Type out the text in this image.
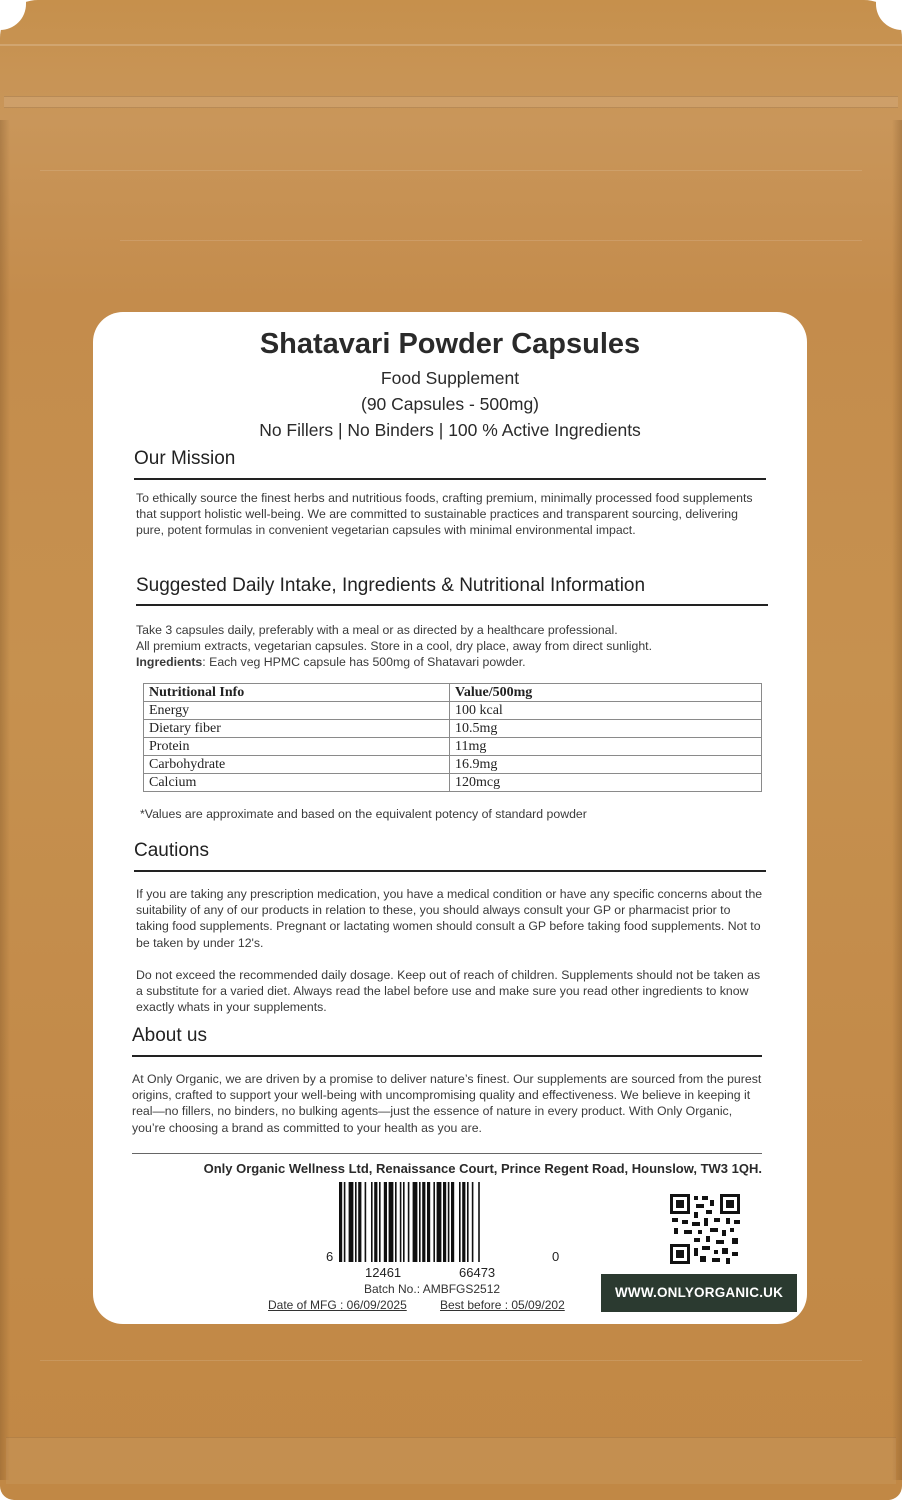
Shatavari Powder Capsules
Food Supplement
(90 Capsules - 500mg)
No Fillers | No Binders | 100 % Active Ingredients
Our Mission
To ethically source the finest herbs and nutritious foods, crafting premium, minimally processed food supplements that support holistic well-being. We are committed to sustainable practices and transparent sourcing, delivering pure, potent formulas in convenient vegetarian capsules with minimal environmental impact.
Suggested Daily Intake, Ingredients & Nutritional Information
Take 3 capsules daily, preferably with a meal or as directed by a healthcare professional.
All premium extracts, vegetarian capsules. Store in a cool, dry place, away from direct sunlight.
Ingredients: Each veg HPMC capsule has 500mg of Shatavari powder.
Nutritional Info	Value/500mg
Energy	100 kcal
Dietary fiber	10.5mg
Protein	11mg
Carbohydrate	16.9mg
Calcium	120mcg
*Values are approximate and based on the equivalent potency of standard powder
Cautions
If you are taking any prescription medication, you have a medical condition or have any specific concerns about the suitability of any of our products in relation to these, you should always consult your GP or pharmacist prior to taking food supplements. Pregnant or lactating women should consult a GP before taking food supplements. Not to be taken by under 12's.
Do not exceed the recommended daily dosage. Keep out of reach of children. Supplements should not be taken as a substitute for a varied diet. Always read the label before use and make sure you read other ingredients to know exactly whats in your supplements.
About us
At Only Organic, we are driven by a promise to deliver nature’s finest. Our supplements are sourced from the purest origins, crafted to support your well-being with uncompromising quality and effectiveness. We believe in keeping it real—no fillers, no binders, no bulking agents—just the essence of nature in every product. With Only Organic, you’re choosing a brand as committed to your health as you are.
Only Organic Wellness Ltd, Renaissance Court, Prince Regent Road, Hounslow, TW3 1QH.
6
12461	66473
0
Batch No.: AMBFGS2512
Date of MFG : 06/09/2025	Best before : 05/09/202
WWW.ONLYORGANIC.UK
